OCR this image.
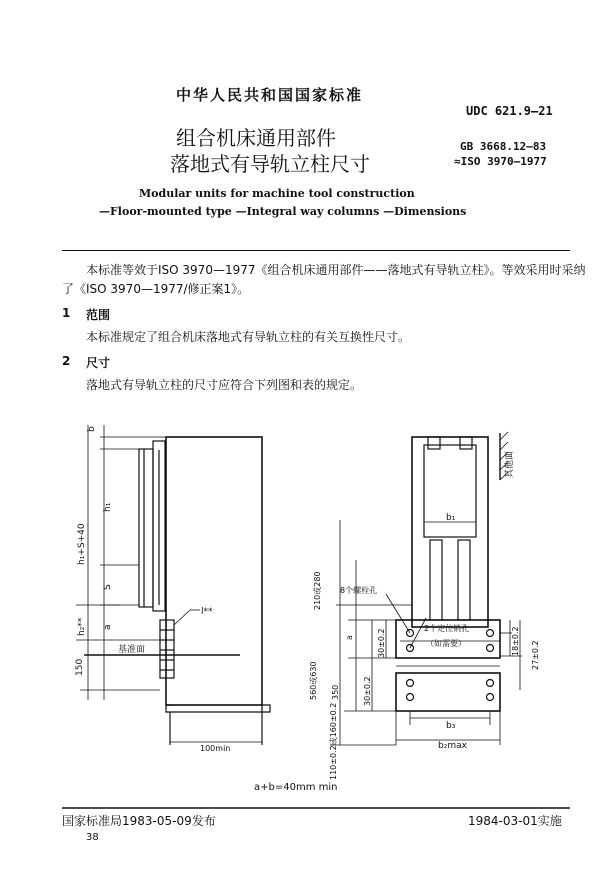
中华人民共和国国家标准
UDC 621.9—21
组合机床通用部件	GB 3668.12—83
落地式有导轨立柱尺寸	≈ISO 3970—1977
Modular units for machine tool construction
—Floor-mounted type —Integral way columns —Dimensions
本标准等效于ISO 3970—1977《组合机床通用部件——落地式有导轨立柱》。等效采用时采纳
了《ISO 3970—1977/修正案1》。
1 范围
本标准规定了组合机床落地式有导轨立柱的有关互换性尺寸。
2 尺寸
落地式有导轨立柱的尺寸应符合下列图和表的规定。
b
h₁
h₁+S+40
S
h₂** a
150
l**
基准面
100min
其他面
b₁
210或280 8个螺栓孔
2个定位销孔
（如需要）
a
560或630 350
30±0.2
30±0.2
110±0.2或160±0.2
18±0.2 27±0.2
b₃
b₂max
a+b=40mm min
国家标准局1983-05-09发布	1984-03-01实施
38
